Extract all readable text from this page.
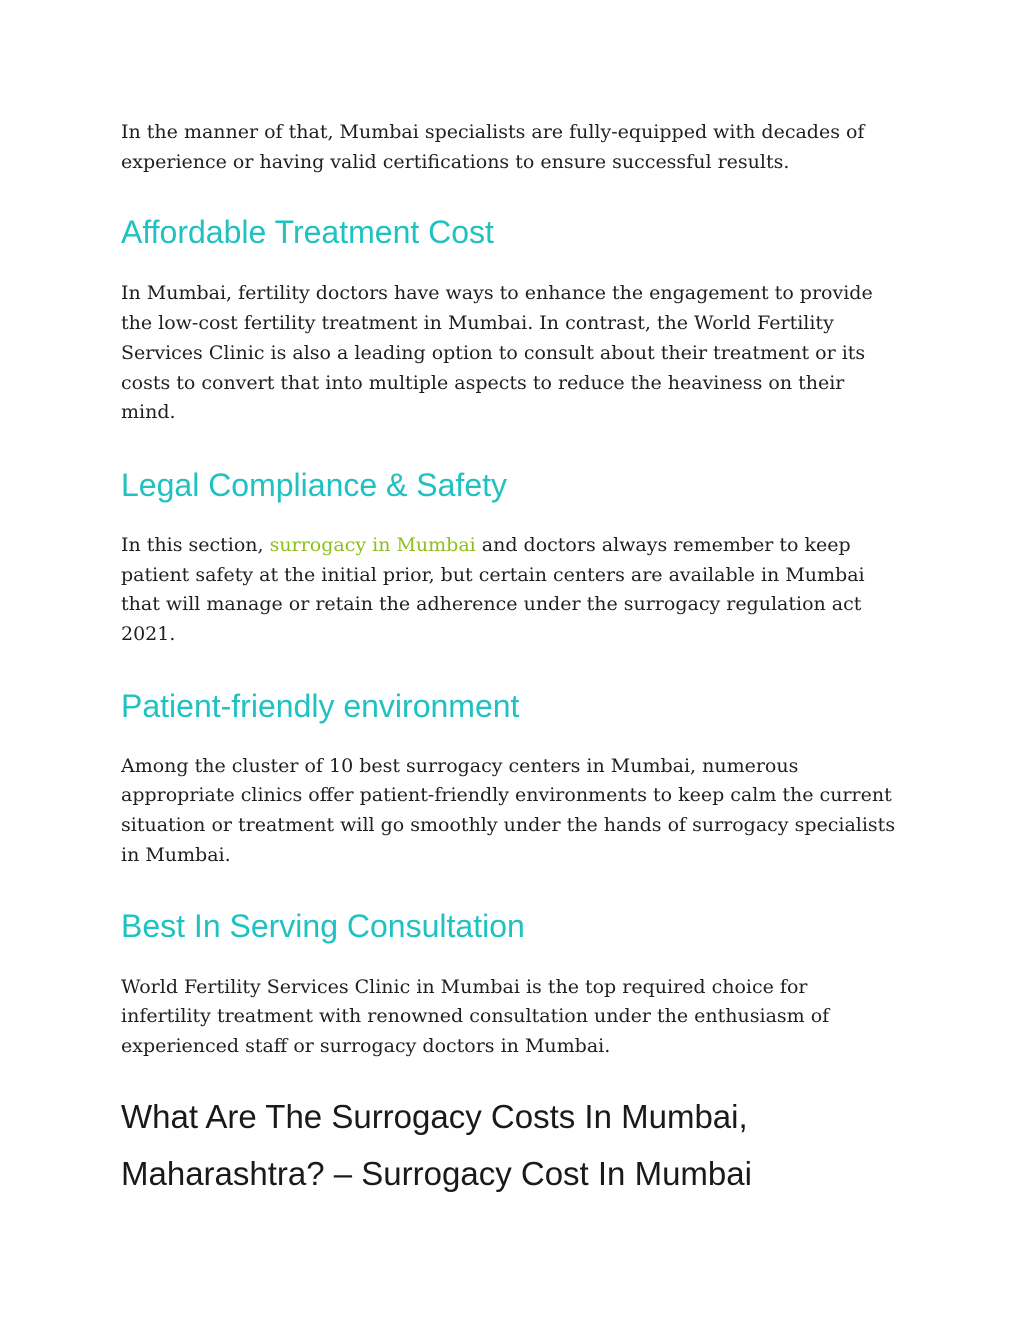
In the manner of that, Mumbai specialists are fully-equipped with decades of experience or having valid certifications to ensure successful results.

Affordable Treatment Cost

In Mumbai, fertility doctors have ways to enhance the engagement to provide the low-cost fertility treatment in Mumbai. In contrast, the World Fertility Services Clinic is also a leading option to consult about their treatment or its costs to convert that into multiple aspects to reduce the heaviness on their mind.

Legal Compliance & Safety

In this section, surrogacy in Mumbai and doctors always remember to keep patient safety at the initial prior, but certain centers are available in Mumbai that will manage or retain the adherence under the surrogacy regulation act 2021.

Patient-friendly environment

Among the cluster of 10 best surrogacy centers in Mumbai, numerous appropriate clinics offer patient-friendly environments to keep calm the current situation or treatment will go smoothly under the hands of surrogacy specialists in Mumbai.

Best In Serving Consultation

World Fertility Services Clinic in Mumbai is the top required choice for infertility treatment with renowned consultation under the enthusiasm of experienced staff or surrogacy doctors in Mumbai.

What Are The Surrogacy Costs In Mumbai, Maharashtra? – Surrogacy Cost In Mumbai
